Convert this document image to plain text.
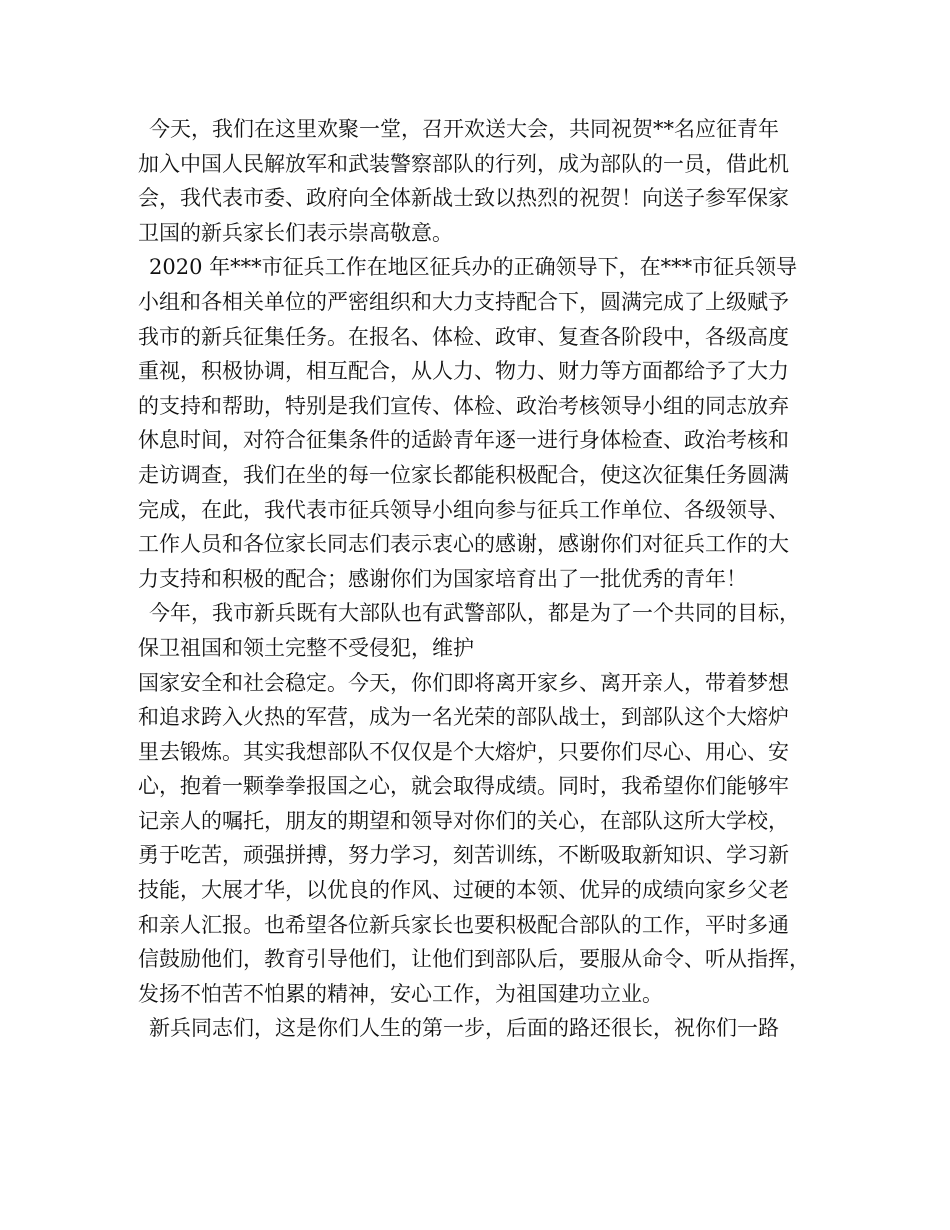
今天，我们在这里欢聚一堂，召开欢送大会，共同祝贺**名应征青年
加入中国人民解放军和武装警察部队的行列，成为部队的一员，借此机
会，我代表市委、政府向全体新战士致以热烈的祝贺！向送子参军保家
卫国的新兵家长们表示崇高敬意。
2020 年***市征兵工作在地区征兵办的正确领导下，在***市征兵领导
小组和各相关单位的严密组织和大力支持配合下，圆满完成了上级赋予
我市的新兵征集任务。在报名、体检、政审、复查各阶段中，各级高度
重视，积极协调，相互配合，从人力、物力、财力等方面都给予了大力
的支持和帮助，特别是我们宣传、体检、政治考核领导小组的同志放弃
休息时间，对符合征集条件的适龄青年逐一进行身体检查、政治考核和
走访调查，我们在坐的每一位家长都能积极配合，使这次征集任务圆满
完成，在此，我代表市征兵领导小组向参与征兵工作单位、各级领导、
工作人员和各位家长同志们表示衷心的感谢，感谢你们对征兵工作的大
力支持和积极的配合；感谢你们为国家培育出了一批优秀的青年！
今年，我市新兵既有大部队也有武警部队，都是为了一个共同的目标，
保卫祖国和领土完整不受侵犯，维护
国家安全和社会稳定。今天，你们即将离开家乡、离开亲人，带着梦想
和追求跨入火热的军营，成为一名光荣的部队战士，到部队这个大熔炉
里去锻炼。其实我想部队不仅仅是个大熔炉，只要你们尽心、用心、安
心，抱着一颗拳拳报国之心，就会取得成绩。同时，我希望你们能够牢
记亲人的嘱托，朋友的期望和领导对你们的关心，在部队这所大学校，
勇于吃苦，顽强拼搏，努力学习，刻苦训练，不断吸取新知识、学习新
技能，大展才华，以优良的作风、过硬的本领、优异的成绩向家乡父老
和亲人汇报。也希望各位新兵家长也要积极配合部队的工作，平时多通
信鼓励他们，教育引导他们，让他们到部队后，要服从命令、听从指挥，
发扬不怕苦不怕累的精神，安心工作，为祖国建功立业。
新兵同志们，这是你们人生的第一步，后面的路还很长，祝你们一路
